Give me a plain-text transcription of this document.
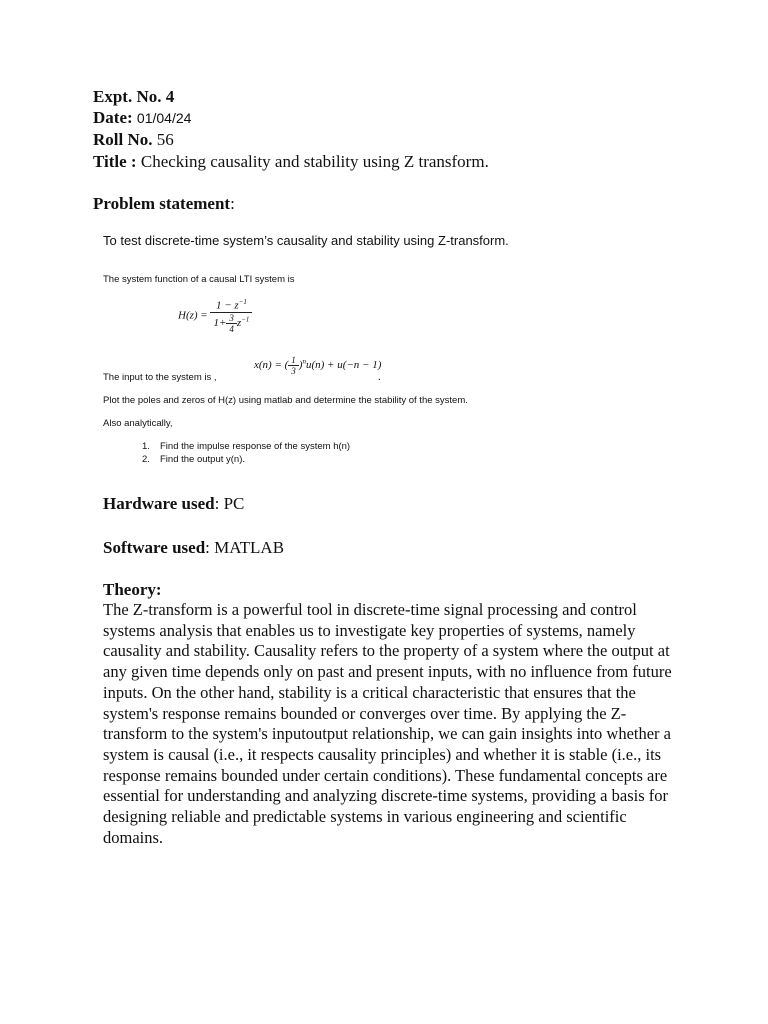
Expt. No. 4
Date: 01/04/24
Roll No. 56
Title : Checking causality and stability using Z transform.
Problem statement:
To test discrete-time system’s causality and stability using Z-transform.
The system function of a causal LTI system is
$H(z) = \frac{1 - z^{-1}}{1+ \frac{3}{4} z^{-1}}$
The input to the system is ,
x(n) = ( $\frac{1}{3} )^nu(n) + u(-n - 1)$
.
Plot the poles and zeros of H(z) using matlab and determine the stability of the system.
Also analytically,
1. Find the impulse response of the system h(n)
2. Find the output y(n).
Hardware used: PC
Software used: MATLAB
Theory:

The Z-transform is a powerful tool in discrete-time signal processing and control systems analysis that enables us to investigate key properties of systems, namely causality and stability. Causality refers to the property of a system where the output at any given time depends only on past and present inputs, with no influence from future inputs. On the other hand, stability is a critical characteristic that ensures that the system's response remains bounded or converges over time. By applying the Z-transform to the system's inputoutput relationship, we can gain insights into whether a system is causal (i.e., it respects causality principles) and whether it is stable (i.e., its response remains bounded under certain conditions). These fundamental concepts are essential for understanding and analyzing discrete-time systems, providing a basis for designing reliable and predictable systems in various engineering and scientific domains.
